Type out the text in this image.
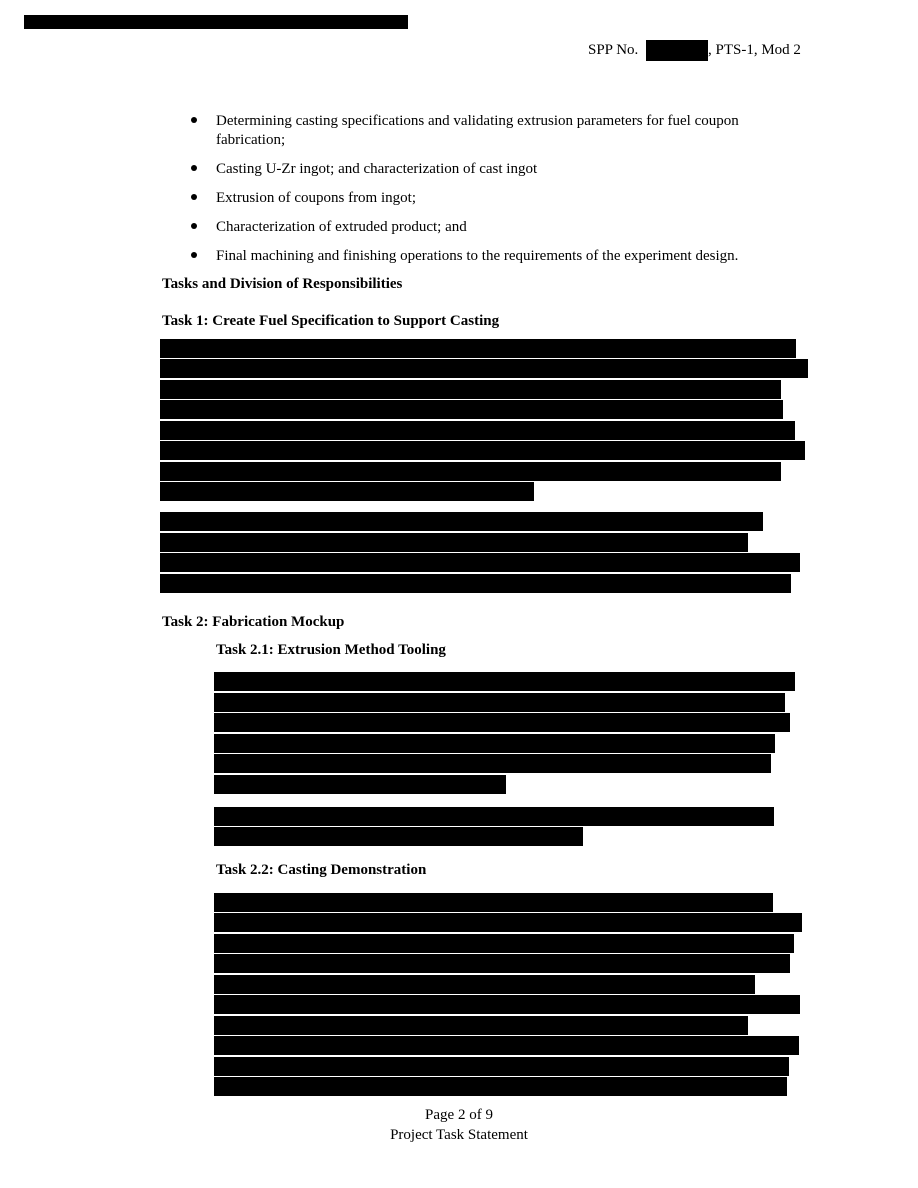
SPP No.	, PTS-1, Mod 2
Determining casting specifications and validating extrusion parameters for fuel coupon
fabrication;
Casting U-Zr ingot; and characterization of cast ingot
Extrusion of coupons from ingot;
Characterization of extruded product; and
Final machining and finishing operations to the requirements of the experiment design.
Tasks and Division of Responsibilities
Task 1: Create Fuel Specification to Support Casting
Task 2: Fabrication Mockup
Task 2.1: Extrusion Method Tooling
Task 2.2: Casting Demonstration
Page 2 of 9
Project Task Statement
